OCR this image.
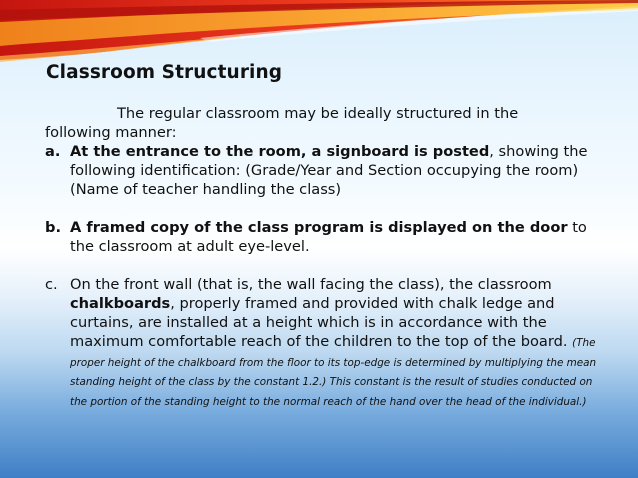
Classroom Structuring

The regular classroom may be ideally structured in the
following manner:

a. At the entrance to the room, a signboard is posted, showing the following identification: (Grade/Year and Section occupying the room) (Name of teacher handling the class)

b. A framed copy of the class program is displayed on the door to the classroom at adult eye-level.

c. On the front wall (that is, the wall facing the class), the classroom chalkboards, properly framed and provided with chalk ledge and curtains, are installed at a height which is in accordance with the maximum comfortable reach of the children to the top of the board. (The proper height of the chalkboard from the floor to its top-edge is determined by multiplying the mean standing height of the class by the constant 1.2.) This constant is the result of studies conducted on the portion of the standing height to the normal reach of the hand over the head of the individual.)
